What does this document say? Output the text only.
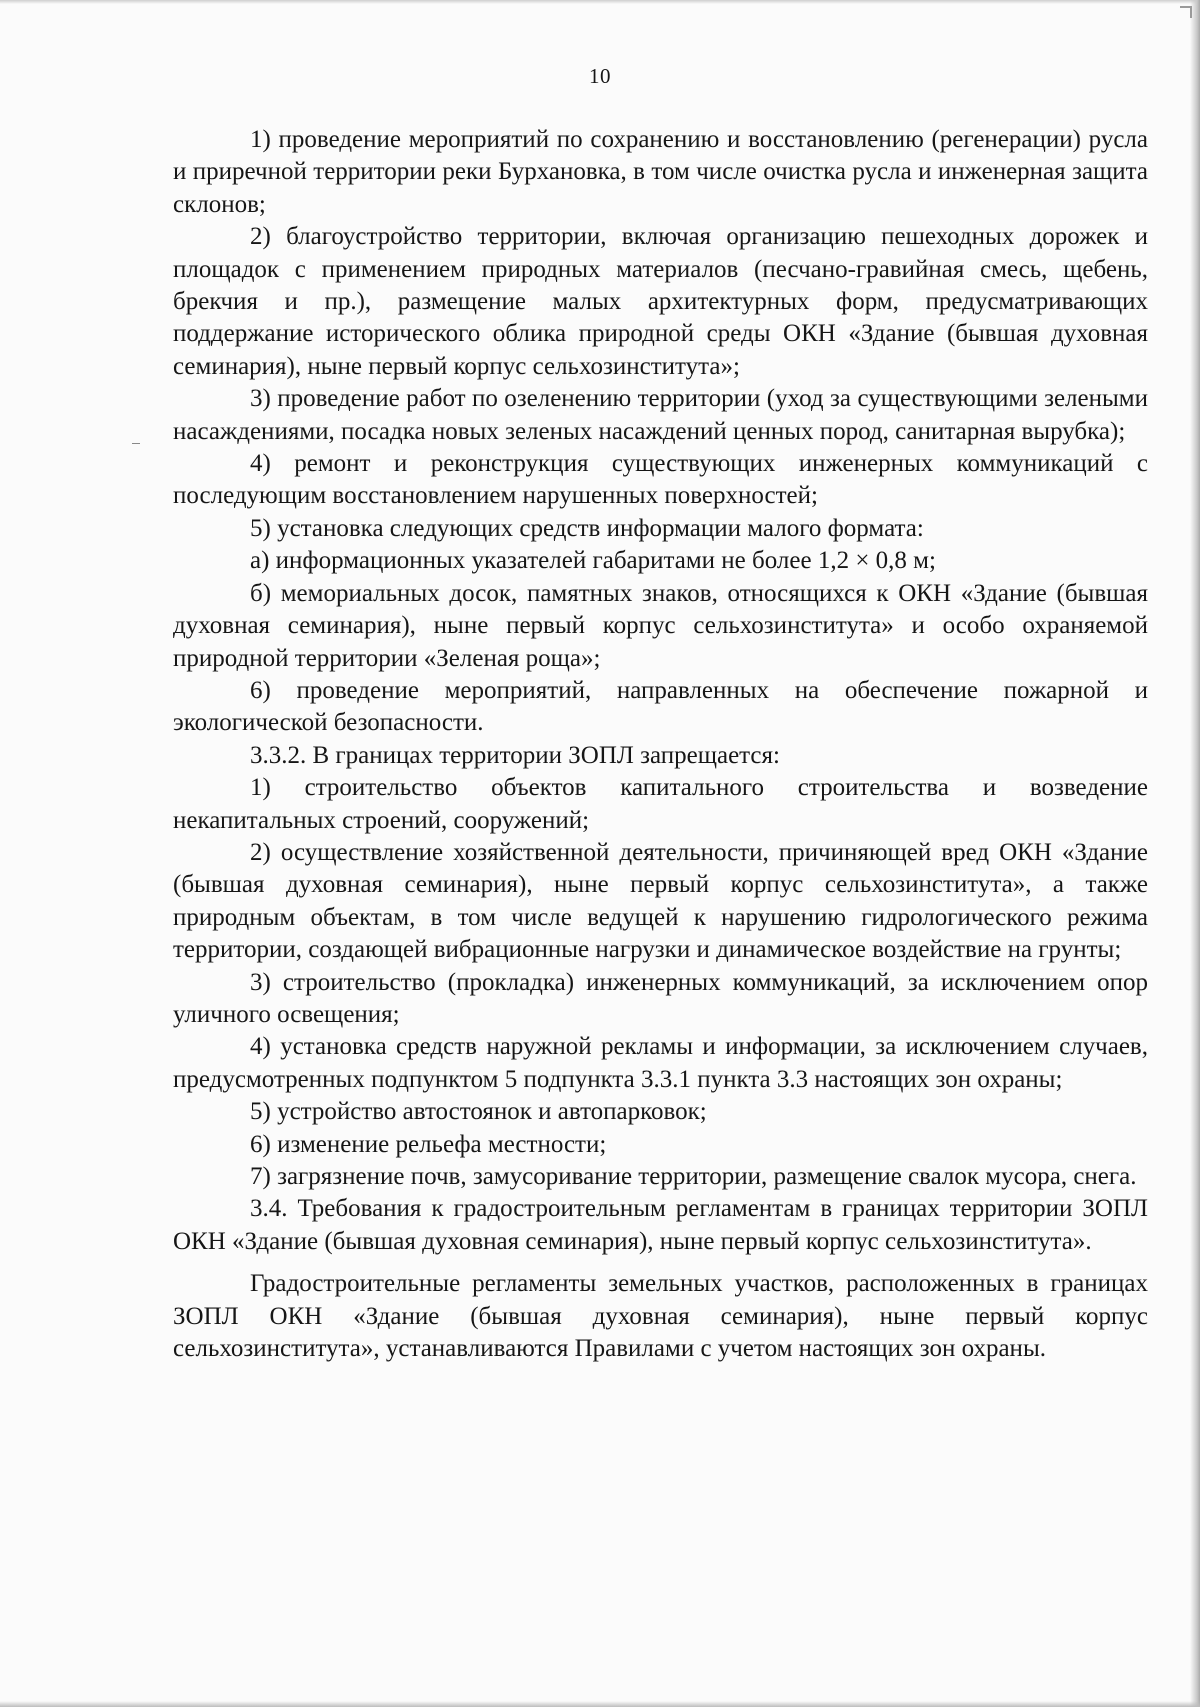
10

1) проведение мероприятий по сохранению и восстановлению (регенерации) русла и приречной территории реки Бурхановка, в том числе очистка русла и инженерная защита склонов;

2) благоустройство территории, включая организацию пешеходных дорожек и площадок с применением природных материалов (песчано-гравийная смесь, щебень, брекчия и пр.), размещение малых архитектурных форм, предусматривающих поддержание исторического облика природной среды ОКН «Здание (бывшая духовная семинария), ныне первый корпус сельхозинститута»;

3) проведение работ по озеленению территории (уход за существующими зелеными насаждениями, посадка новых зеленых насаждений ценных пород, санитарная вырубка);

4) ремонт и реконструкция существующих инженерных коммуникаций с последующим восстановлением нарушенных поверхностей;

5) установка следующих средств информации малого формата:

а) информационных указателей габаритами не более 1,2 × 0,8 м;

б) мемориальных досок, памятных знаков, относящихся к ОКН «Здание (бывшая духовная семинария), ныне первый корпус сельхозинститута» и особо охраняемой природной территории «Зеленая роща»;

6) проведение мероприятий, направленных на обеспечение пожарной и экологической безопасности.

3.3.2. В границах территории ЗОПЛ запрещается:

1) строительство объектов капитального строительства и возведение некапитальных строений, сооружений;

2) осуществление хозяйственной деятельности, причиняющей вред ОКН «Здание (бывшая духовная семинария), ныне первый корпус сельхозинститута», а также природным объектам, в том числе ведущей к нарушению гидрологического режима территории, создающей вибрационные нагрузки и динамическое воздействие на грунты;

3) строительство (прокладка) инженерных коммуникаций, за исключением опор уличного освещения;

4) установка средств наружной рекламы и информации, за исключением случаев, предусмотренных подпунктом 5 подпункта 3.3.1 пункта 3.3 настоящих зон охраны;

5) устройство автостоянок и автопарковок;

6) изменение рельефа местности;

7) загрязнение почв, замусоривание территории, размещение свалок мусора, снега.

3.4. Требования к градостроительным регламентам в границах территории ЗОПЛ ОКН «Здание (бывшая духовная семинария), ныне первый корпус сельхозинститута».

Градостроительные регламенты земельных участков, расположенных в границах ЗОПЛ ОКН «Здание (бывшая духовная семинария), ныне первый корпус сельхозинститута», устанавливаются Правилами с учетом настоящих зон охраны.
